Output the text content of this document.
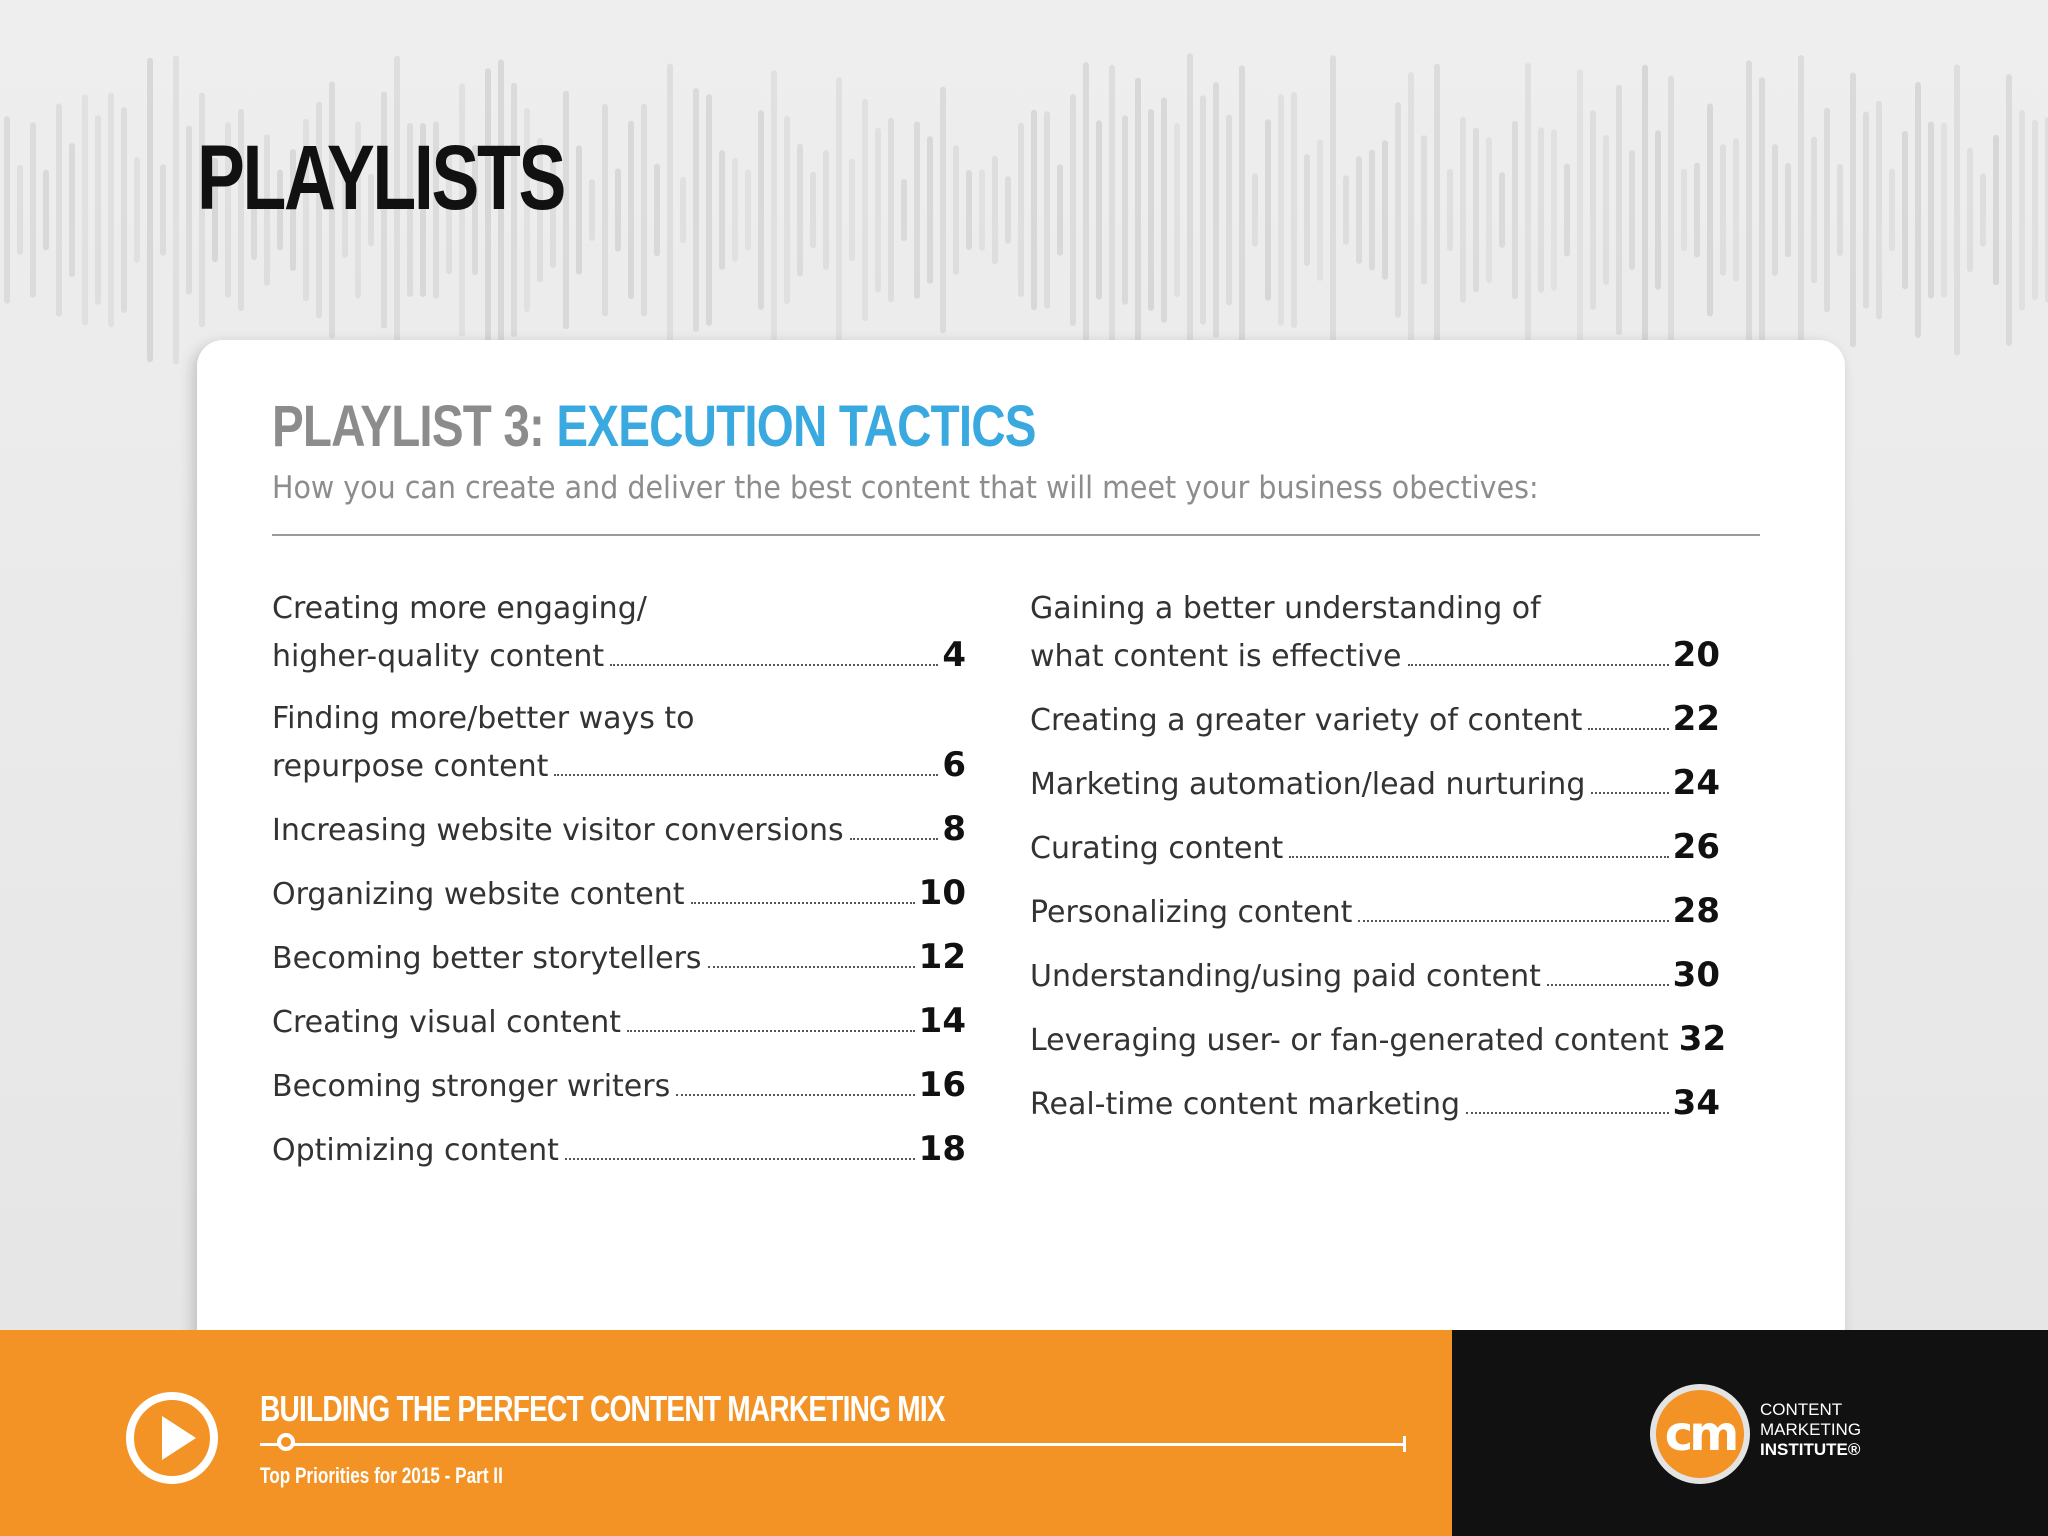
PLAYLISTS
PLAYLIST 3: EXECUTION TACTICS

How you can create and deliver the best content that will meet your business obectives:

Creating more engaging/
higher-quality content	4
Finding more/better ways to
repurpose content	6
Increasing website visitor conversions	8
Organizing website content	10
Becoming better storytellers	12
Creating visual content	14
Becoming stronger writers	16
Optimizing content	18
Gaining a better understanding of
what content is effective	20
Creating a greater variety of content	22
Marketing automation/lead nurturing	24
Curating content	26
Personalizing content	28
Understanding/using paid content	30
Leveraging user- or fan-generated content 32
Real-time content marketing	34
BUILDING THE PERFECT CONTENT MARKETING MIX

Top Priorities for 2015 - Part II

cm	CONTENT
MARKETING
INSTITUTE®
